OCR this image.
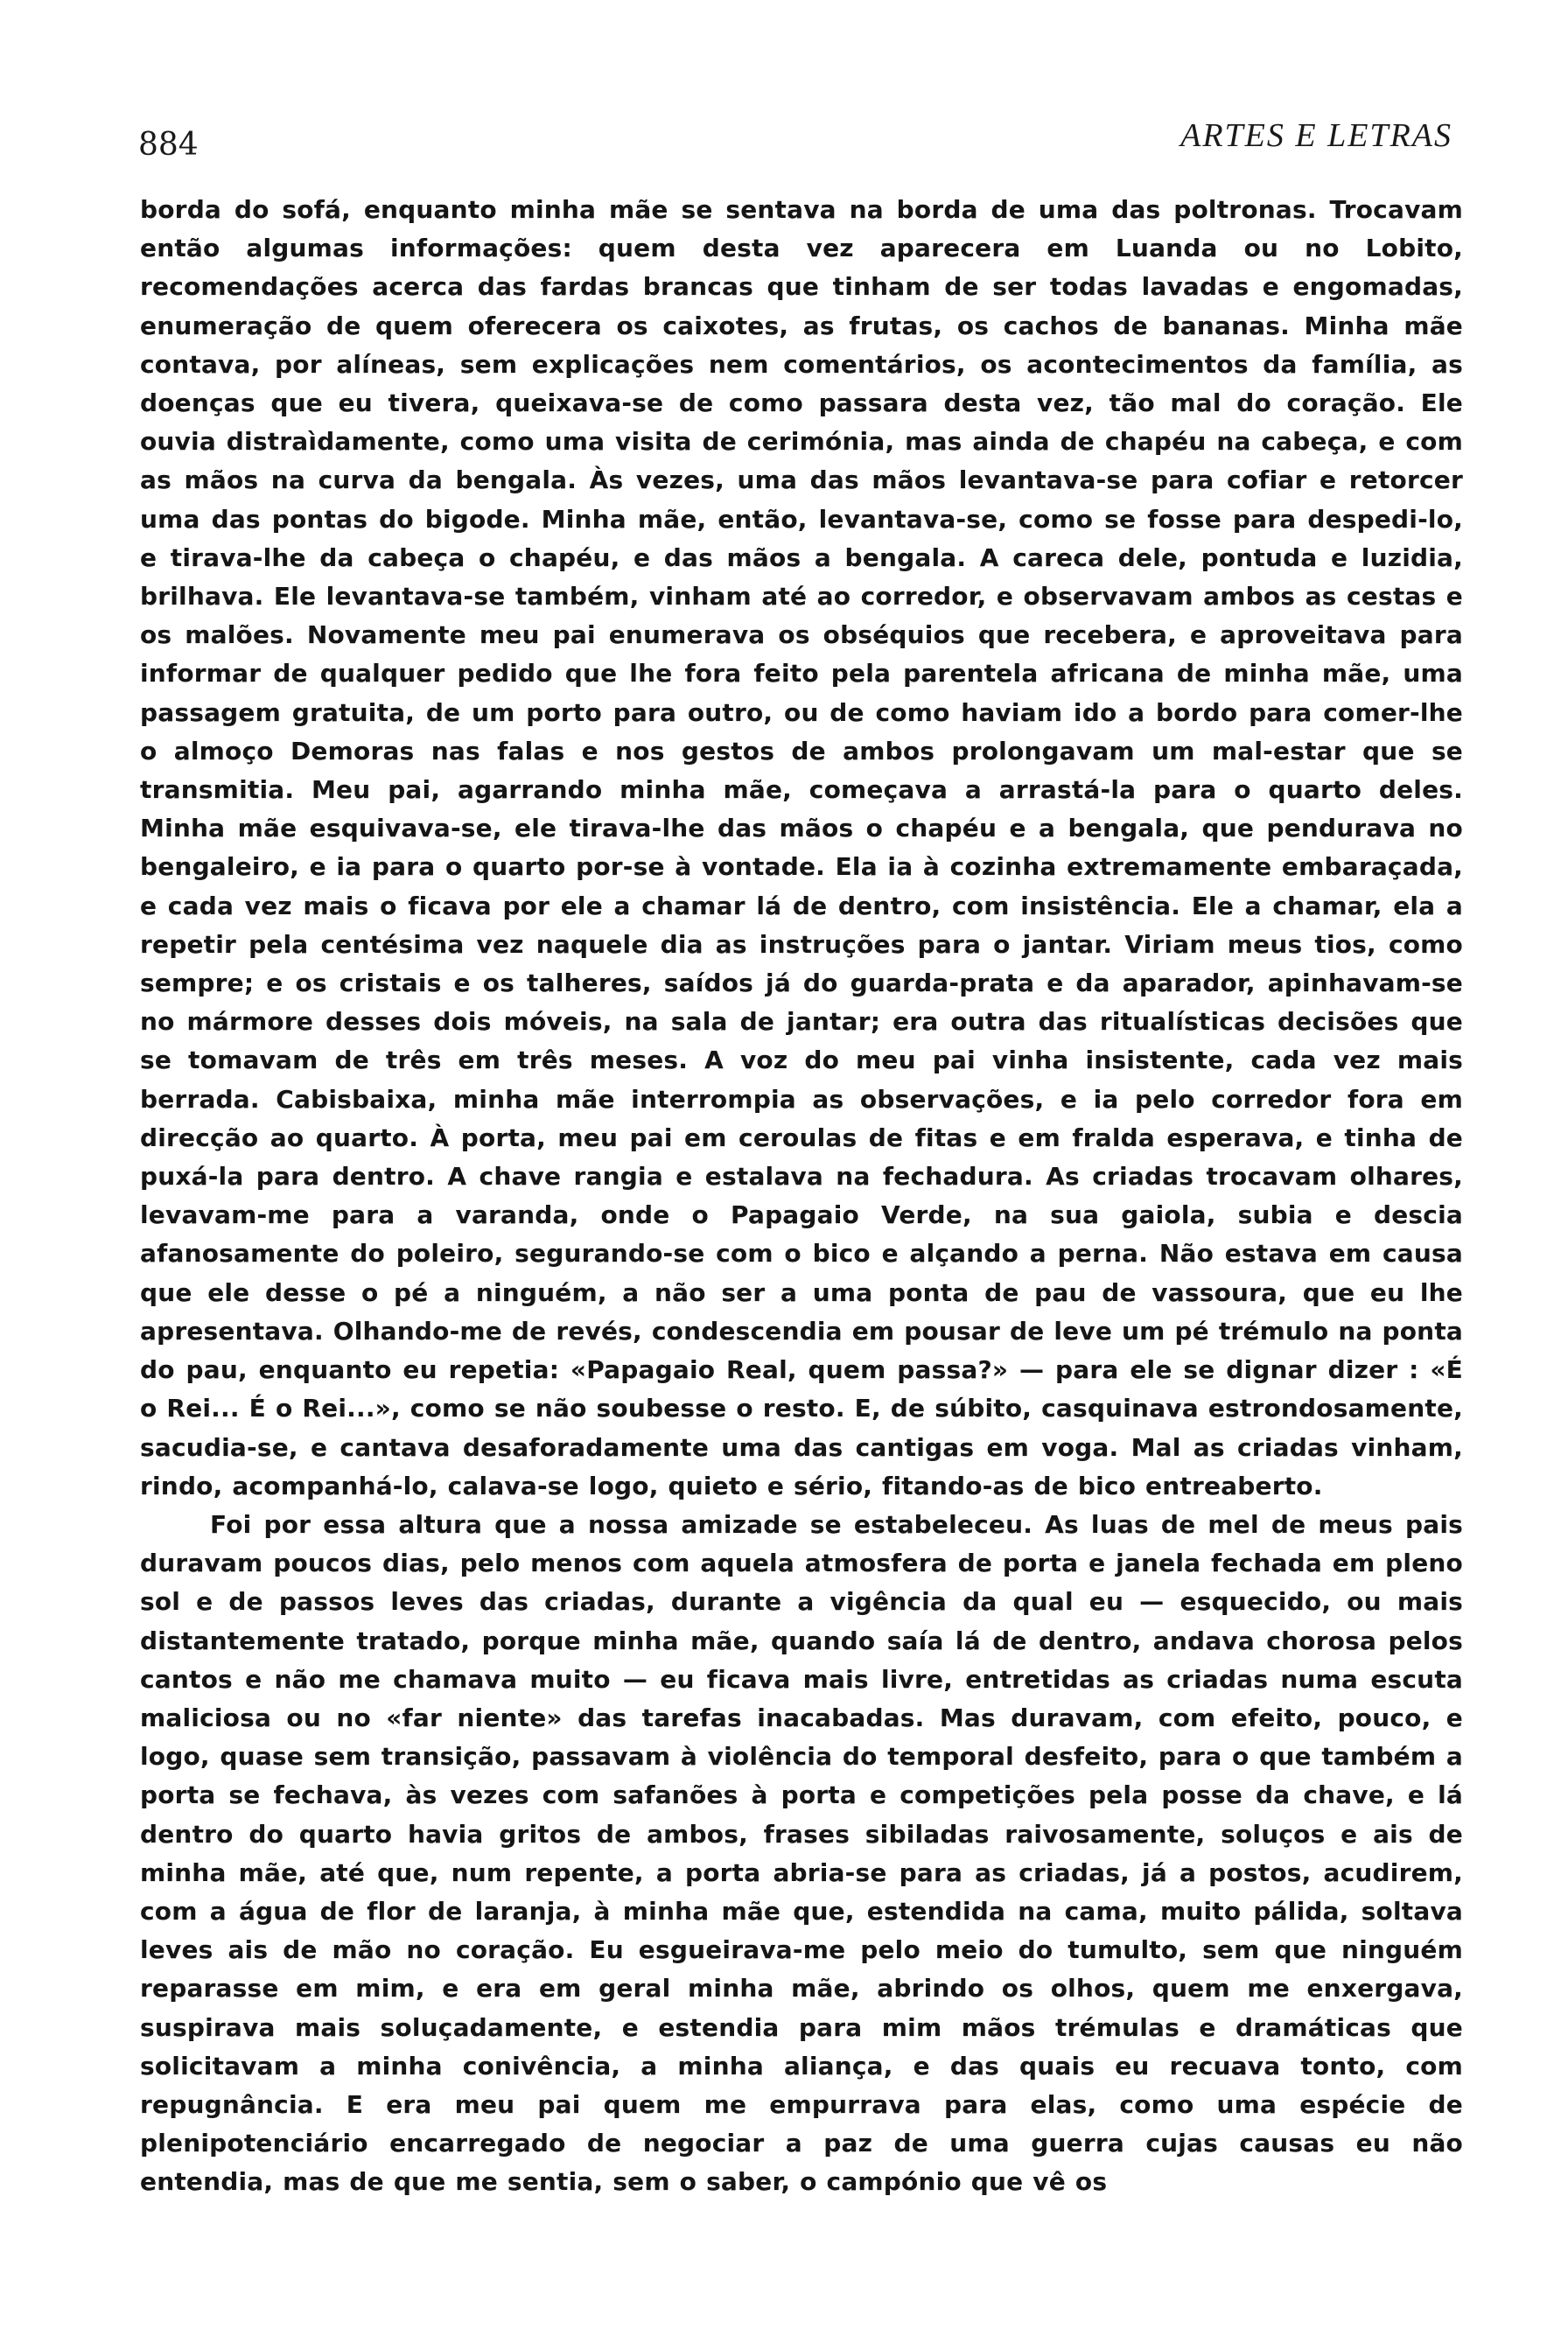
884	ARTES E LETRAS

borda do sofá, enquanto minha mãe se sentava na borda de uma das poltronas. Trocavam então algumas informações: quem desta vez aparecera em Luanda ou no Lobito, recomendações acerca das fardas brancas que tinham de ser todas lavadas e engomadas, enumeração de quem oferecera os caixotes, as frutas, os cachos de bananas. Minha mãe contava, por alíneas, sem explicações nem comentários, os acontecimentos da família, as doenças que eu tivera, queixava-se de como passara desta vez, tão mal do coração. Ele ouvia distraìdamente, como uma visita de cerimónia, mas ainda de chapéu na cabeça, e com as mãos na curva da bengala. Às vezes, uma das mãos levantava-se para cofiar e retorcer uma das pontas do bigode. Minha mãe, então, levantava-se, como se fosse para despedi-lo, e tirava-lhe da cabeça o chapéu, e das mãos a bengala. A careca dele, pontuda e luzidia, brilhava. Ele levantava-se também, vinham até ao corredor, e observavam ambos as cestas e os malões. Novamente meu pai enumerava os obséquios que recebera, e aproveitava para informar de qualquer pedido que lhe fora feito pela parentela africana de minha mãe, uma passagem gratuita, de um porto para outro, ou de como haviam ido a bordo para comer-lhe o almoço Demoras nas falas e nos gestos de ambos prolongavam um mal-estar que se transmitia. Meu pai, agarrando minha mãe, começava a arrastá-la para o quarto deles. Minha mãe esquivava-se, ele tirava-lhe das mãos o chapéu e a bengala, que pendurava no bengaleiro, e ia para o quarto por-se à vontade. Ela ia à cozinha extremamente embaraçada, e cada vez mais o ficava por ele a chamar lá de dentro, com insistência. Ele a chamar, ela a repetir pela centésima vez naquele dia as instruções para o jantar. Viriam meus tios, como sempre; e os cristais e os talheres, saídos já do guarda-prata e da aparador, apinhavam-se no mármore desses dois móveis, na sala de jantar; era outra das ritualísticas decisões que se tomavam de três em três meses. A voz do meu pai vinha insistente, cada vez mais berrada. Cabisbaixa, minha mãe interrompia as observações, e ia pelo corredor fora em direcção ao quarto. À porta, meu pai em ceroulas de fitas e em fralda esperava, e tinha de puxá-la para dentro. A chave rangia e estalava na fechadura. As criadas trocavam olhares, levavam-me para a varanda, onde o Papagaio Verde, na sua gaiola, subia e descia afanosamente do poleiro, segurando-se com o bico e alçando a perna. Não estava em causa que ele desse o pé a ninguém, a não ser a uma ponta de pau de vassoura, que eu lhe apresentava. Olhando-me de revés, condescendia em pousar de leve um pé trémulo na ponta do pau, enquanto eu repetia: «Papagaio Real, quem passa?» — para ele se dignar dizer : «É o Rei... É o Rei...», como se não soubesse o resto. E, de súbito, casquinava estrondosamente, sacudia-se, e cantava desaforadamente uma das cantigas em voga. Mal as criadas vinham, rindo, acompanhá-lo, calava-se logo, quieto e sério, fitando-as de bico entreaberto.

Foi por essa altura que a nossa amizade se estabeleceu. As luas de mel de meus pais duravam poucos dias, pelo menos com aquela atmosfera de porta e janela fechada em pleno sol e de passos leves das criadas, durante a vigência da qual eu — esquecido, ou mais distantemente tratado, porque minha mãe, quando saía lá de dentro, andava chorosa pelos cantos e não me chamava muito — eu ficava mais livre, entretidas as criadas numa escuta maliciosa ou no «far niente» das tarefas inacabadas. Mas duravam, com efeito, pouco, e logo, quase sem transição, passavam à violência do temporal desfeito, para o que também a porta se fechava, às vezes com safanões à porta e competições pela posse da chave, e lá dentro do quarto havia gritos de ambos, frases sibiladas raivosamente, soluços e ais de minha mãe, até que, num repente, a porta abria-se para as criadas, já a postos, acudirem, com a água de flor de laranja, à minha mãe que, estendida na cama, muito pálida, soltava leves ais de mão no coração. Eu esgueirava-me pelo meio do tumulto, sem que ninguém reparasse em mim, e era em geral minha mãe, abrindo os olhos, quem me enxergava, suspirava mais soluçadamente, e estendia para mim mãos trémulas e dramáticas que solicitavam a minha conivência, a minha aliança, e das quais eu recuava tonto, com repugnância. E era meu pai quem me empurrava para elas, como uma espécie de plenipotenciário encarregado de negociar a paz de uma guerra cujas causas eu não entendia, mas de que me sentia, sem o saber, o campónio que vê os
